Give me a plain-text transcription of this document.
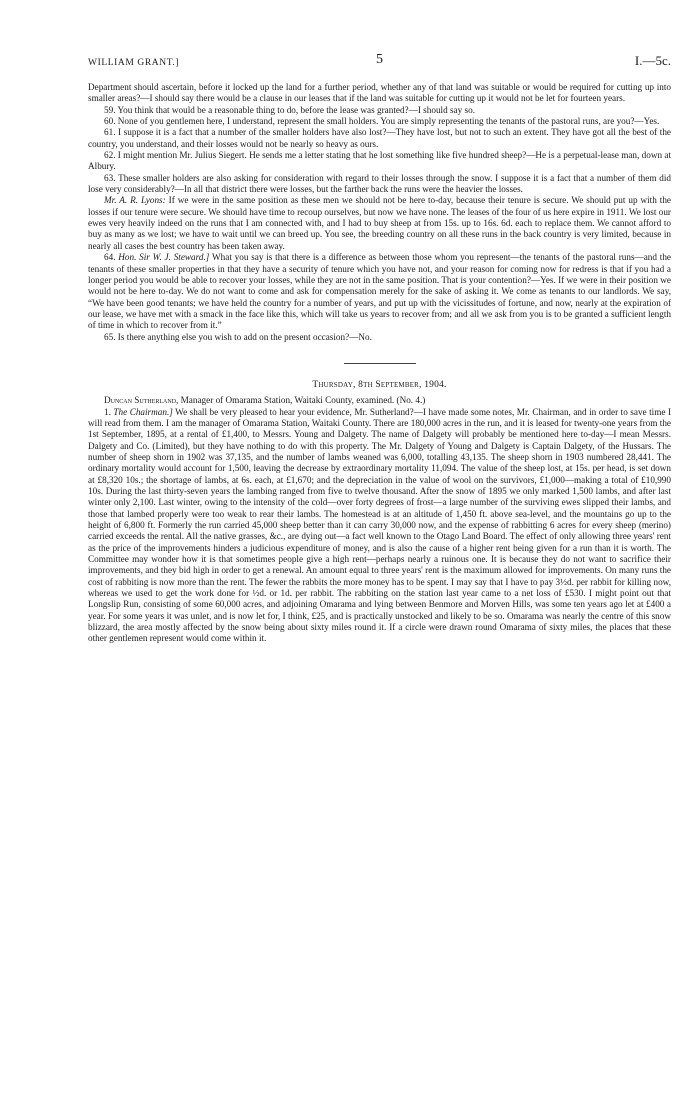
WILLIAM GRANT.]	5	I.—5c.

Department should ascertain, before it locked up the land for a further period, whether any of that land was suitable or would be required for cutting up into smaller areas?—I should say there would be a clause in our leases that if the land was suitable for cutting up it would not be let for fourteen years.

59. You think that would be a reasonable thing to do, before the lease was granted?—I should say so.

60. None of you gentlemen here, I understand, represent the small holders. You are simply representing the tenants of the pastoral runs, are you?—Yes.

61. I suppose it is a fact that a number of the smaller holders have also lost?—They have lost, but not to such an extent. They have got all the best of the country, you understand, and their losses would not be nearly so heavy as ours.

62. I might mention Mr. Julius Siegert. He sends me a letter stating that he lost something like five hundred sheep?—He is a perpetual-lease man, down at Albury.

63. These smaller holders are also asking for consideration with regard to their losses through the snow. I suppose it is a fact that a number of them did lose very considerably?—In all that district there were losses, but the farther back the runs were the heavier the losses.

Mr. A. R. Lyons: If we were in the same position as these men we should not be here to-day, because their tenure is secure. We should put up with the losses if our tenure were secure. We should have time to recoup ourselves, but now we have none. The leases of the four of us here expire in 1911. We lost our ewes very heavily indeed on the runs that I am connected with, and I had to buy sheep at from 15s. up to 16s. 6d. each to replace them. We cannot afford to buy as many as we lost; we have to wait until we can breed up. You see, the breeding country on all these runs in the back country is very limited, because in nearly all cases the best country has been taken away.

64. Hon. Sir W. J. Steward.] What you say is that there is a difference as between those whom you represent—the tenants of the pastoral runs—and the tenants of these smaller properties in that they have a security of tenure which you have not, and your reason for coming now for redress is that if you had a longer period you would be able to recover your losses, while they are not in the same position. That is your contention?—Yes. If we were in their position we would not be here to-day. We do not want to come and ask for compensation merely for the sake of asking it. We come as tenants to our landlords. We say, “We have been good tenants; we have held the country for a number of years, and put up with the vicissitudes of fortune, and now, nearly at the expiration of our lease, we have met with a smack in the face like this, which will take us years to recover from; and all we ask from you is to be granted a sufficient length of time in which to recover from it.”

65. Is there anything else you wish to add on the present occasion?—No.

Thursday, 8th September, 1904.

Duncan Sutherland, Manager of Omarama Station, Waitaki County, examined. (No. 4.)

1. The Chairman.] We shall be very pleased to hear your evidence, Mr. Sutherland?—I have made some notes, Mr. Chairman, and in order to save time I will read from them. I am the manager of Omarama Station, Waitaki County. There are 180,000 acres in the run, and it is leased for twenty-one years from the 1st September, 1895, at a rental of £1,400, to Messrs. Young and Dalgety. The name of Dalgety will probably be mentioned here to-day—I mean Messrs. Dalgety and Co. (Limited), but they have nothing to do with this property. The Mr. Dalgety of Young and Dalgety is Captain Dalgety, of the Hussars. The number of sheep shorn in 1902 was 37,135, and the number of lambs weaned was 6,000, totalling 43,135. The sheep shorn in 1903 numbered 28,441. The ordinary mortality would account for 1,500, leaving the decrease by extraordinary mortality 11,094. The value of the sheep lost, at 15s. per head, is set down at £8,320 10s.; the shortage of lambs, at 6s. each, at £1,670; and the depreciation in the value of wool on the survivors, £1,000—making a total of £10,990 10s. During the last thirty-seven years the lambing ranged from five to twelve thousand. After the snow of 1895 we only marked 1,500 lambs, and after last winter only 2,100. Last winter, owing to the intensity of the cold—over forty degrees of frost—a large number of the surviving ewes slipped their lambs, and those that lambed properly were too weak to rear their lambs. The homestead is at an altitude of 1,450 ft. above sea-level, and the mountains go up to the height of 6,800 ft. Formerly the run carried 45,000 sheep better than it can carry 30,000 now, and the expense of rabbitting 6 acres for every sheep (merino) carried exceeds the rental. All the native grasses, &c., are dying out—a fact well known to the Otago Land Board. The effect of only allowing three years' rent as the price of the improvements hinders a judicious expenditure of money, and is also the cause of a higher rent being given for a run than it is worth. The Committee may wonder how it is that sometimes people give a high rent—perhaps nearly a ruinous one. It is because they do not want to sacrifice their improvements, and they bid high in order to get a renewal. An amount equal to three years' rent is the maximum allowed for improvements. On many runs the cost of rabbiting is now more than the rent. The fewer the rabbits the more money has to be spent. I may say that I have to pay 3½d. per rabbit for killing now, whereas we used to get the work done for ½d. or 1d. per rabbit. The rabbiting on the station last year came to a net loss of £530. I might point out that Longslip Run, consisting of some 60,000 acres, and adjoining Omarama and lying between Benmore and Morven Hills, was some ten years ago let at £400 a year. For some years it was unlet, and is now let for, I think, £25, and is practically unstocked and likely to be so. Omarama was nearly the centre of this snow blizzard, the area mostly affected by the snow being about sixty miles round it. If a circle were drawn round Omarama of sixty miles, the places that these other gentlemen represent would come within it.
